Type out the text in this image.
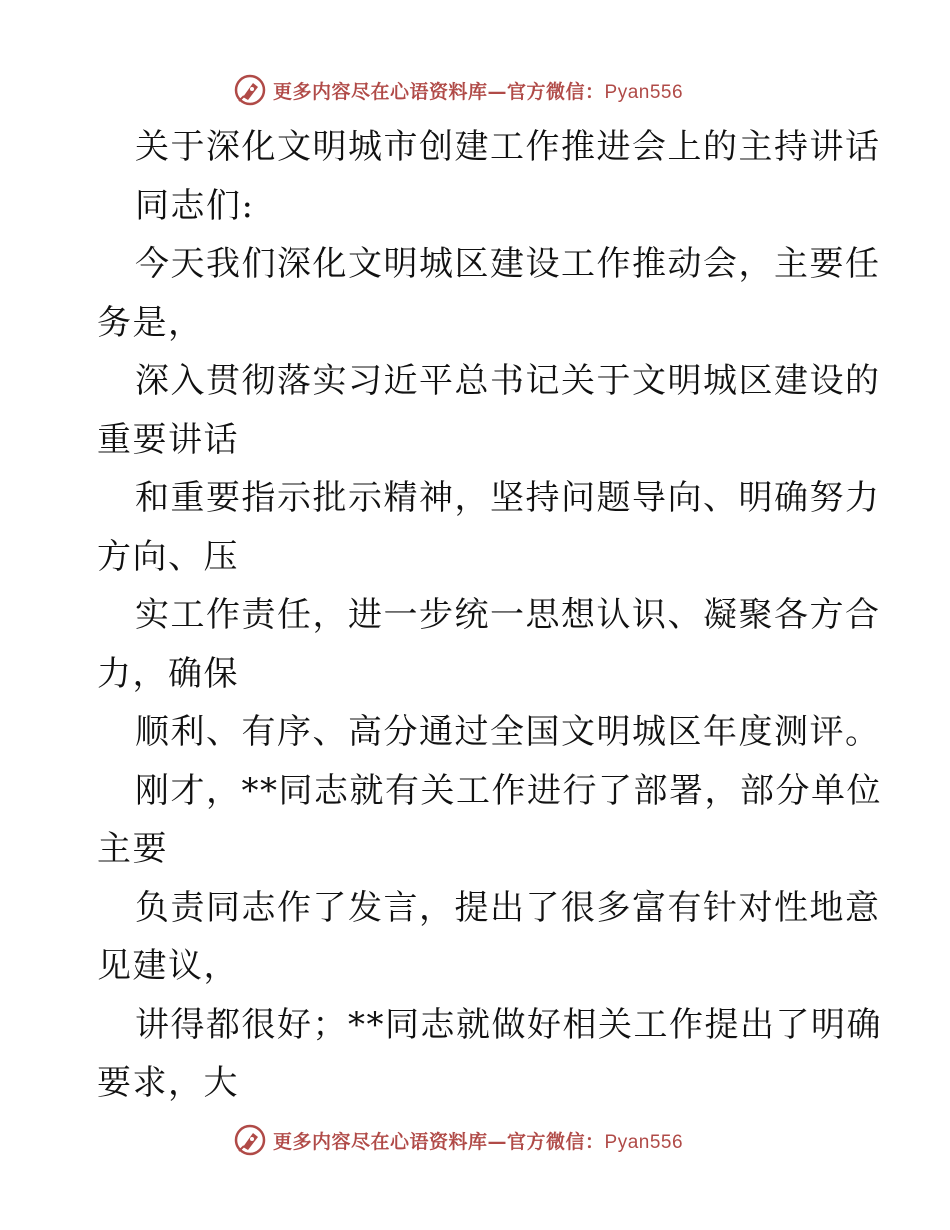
更多内容尽在心语资料库—官方微信：Pyan556
关于深化文明城市创建工作推进会上的主持讲话
同志们:
今天我们深化文明城区建设工作推动会，主要任
务是，
深入贯彻落实习近平总书记关于文明城区建设的
重要讲话
和重要指示批示精神，坚持问题导向、明确努力
方向、压
实工作责任，进一步统一思想认识、凝聚各方合
力，确保
顺利、有序、高分通过全国文明城区年度测评。
刚才，**同志就有关工作进行了部署，部分单位
主要
负责同志作了发言，提出了很多富有针对性地意
见建议，
讲得都很好；**同志就做好相关工作提出了明确
要求，大
更多内容尽在心语资料库—官方微信：Pyan556
